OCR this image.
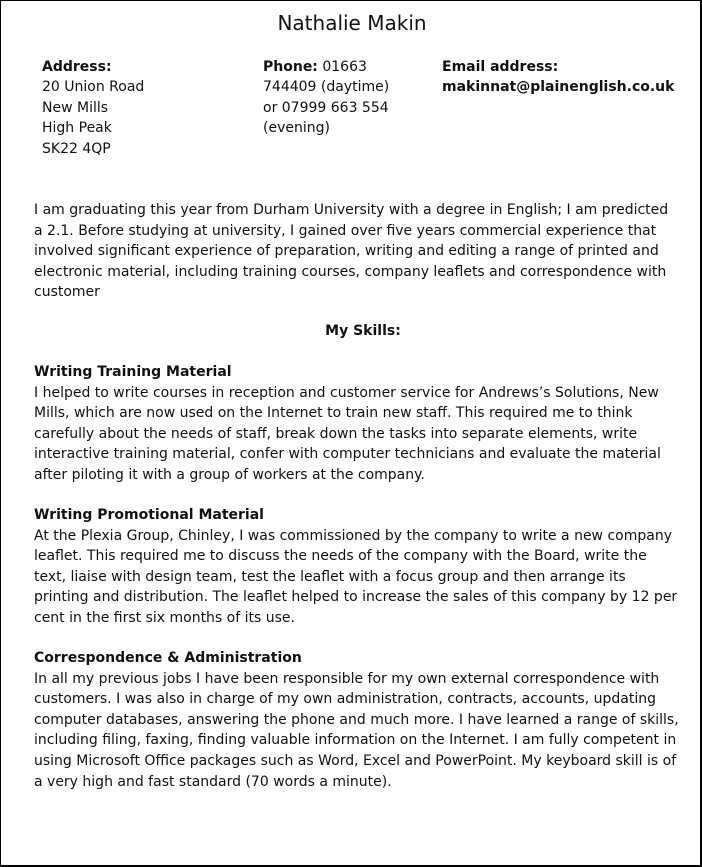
Nathalie Makin
Address:
20 Union Road
New Mills
High Peak
SK22 4QP
Phone: 01663
744409 (daytime)
or 07999 663 554
(evening)
Email address:
makinnat@plainenglish.co.uk

I am graduating this year from Durham University with a degree in English; I am predicted a 2.1. Before studying at university, I gained over five years commercial experience that involved significant experience of preparation, writing and editing a range of printed and electronic material, including training courses, company leaflets and correspondence with customer

My Skills:
Writing Training Material

I helped to write courses in reception and customer service for Andrews’s Solutions, New Mills, which are now used on the Internet to train new staff. This required me to think carefully about the needs of staff, break down the tasks into separate elements, write interactive training material, confer with computer technicians and evaluate the material after piloting it with a group of workers at the company.

Writing Promotional Material

At the Plexia Group, Chinley, I was commissioned by the company to write a new company leaflet. This required me to discuss the needs of the company with the Board, write the text, liaise with design team, test the leaflet with a focus group and then arrange its printing and distribution. The leaflet helped to increase the sales of this company by 12 per cent in the first six months of its use.

Correspondence & Administration

In all my previous jobs I have been responsible for my own external correspondence with customers. I was also in charge of my own administration, contracts, accounts, updating computer databases, answering the phone and much more. I have learned a range of skills, including filing, faxing, finding valuable information on the Internet. I am fully competent in using Microsoft Office packages such as Word, Excel and PowerPoint. My keyboard skill is of a very high and fast standard (70 words a minute).
